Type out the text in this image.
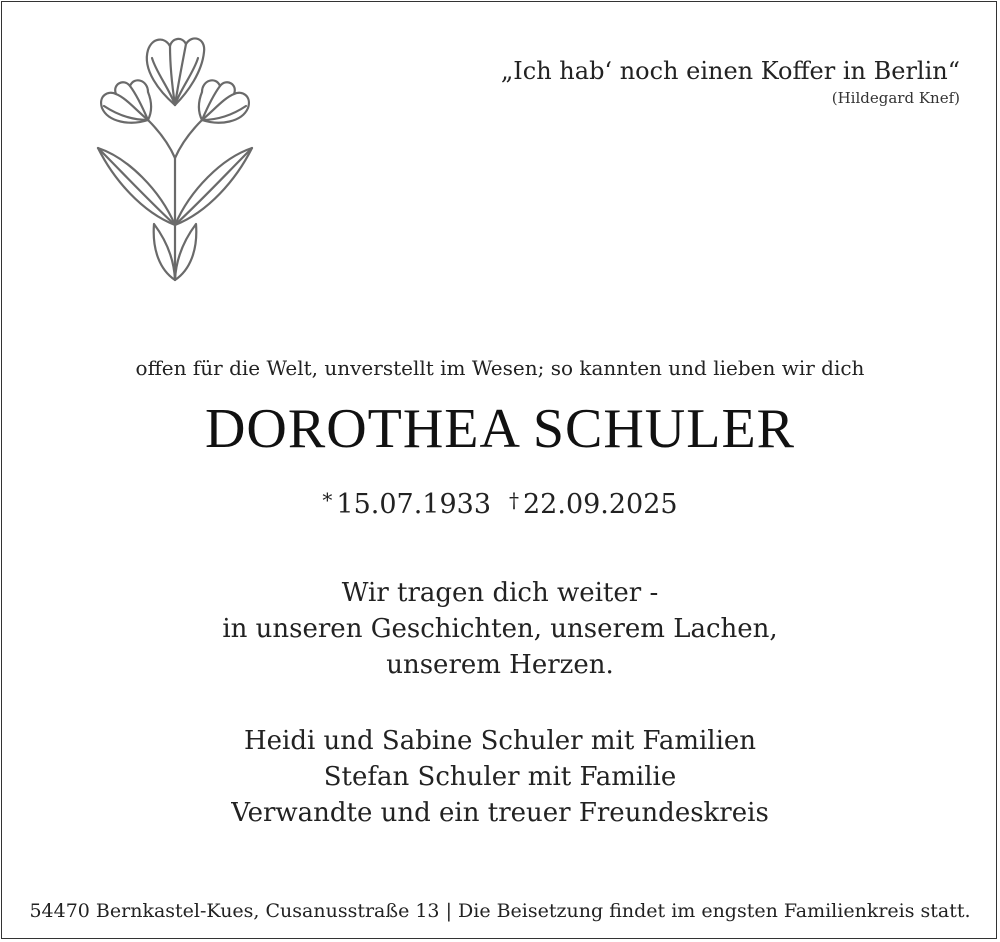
„Ich hab‘ noch einen Koffer in Berlin“
(Hildegard Knef)
offen für die Welt, unverstellt im Wesen; so kannten und lieben wir dich
DOROTHEA SCHULER
* 15.07.1933 † 22.09.2025
Wir tragen dich weiter -
in unseren Geschichten, unserem Lachen,
unserem Herzen.
Heidi und Sabine Schuler mit Familien
Stefan Schuler mit Familie
Verwandte und ein treuer Freundeskreis
54470 Bernkastel-Kues, Cusanusstraße 13 | Die Beisetzung findet im engsten Familienkreis statt.
